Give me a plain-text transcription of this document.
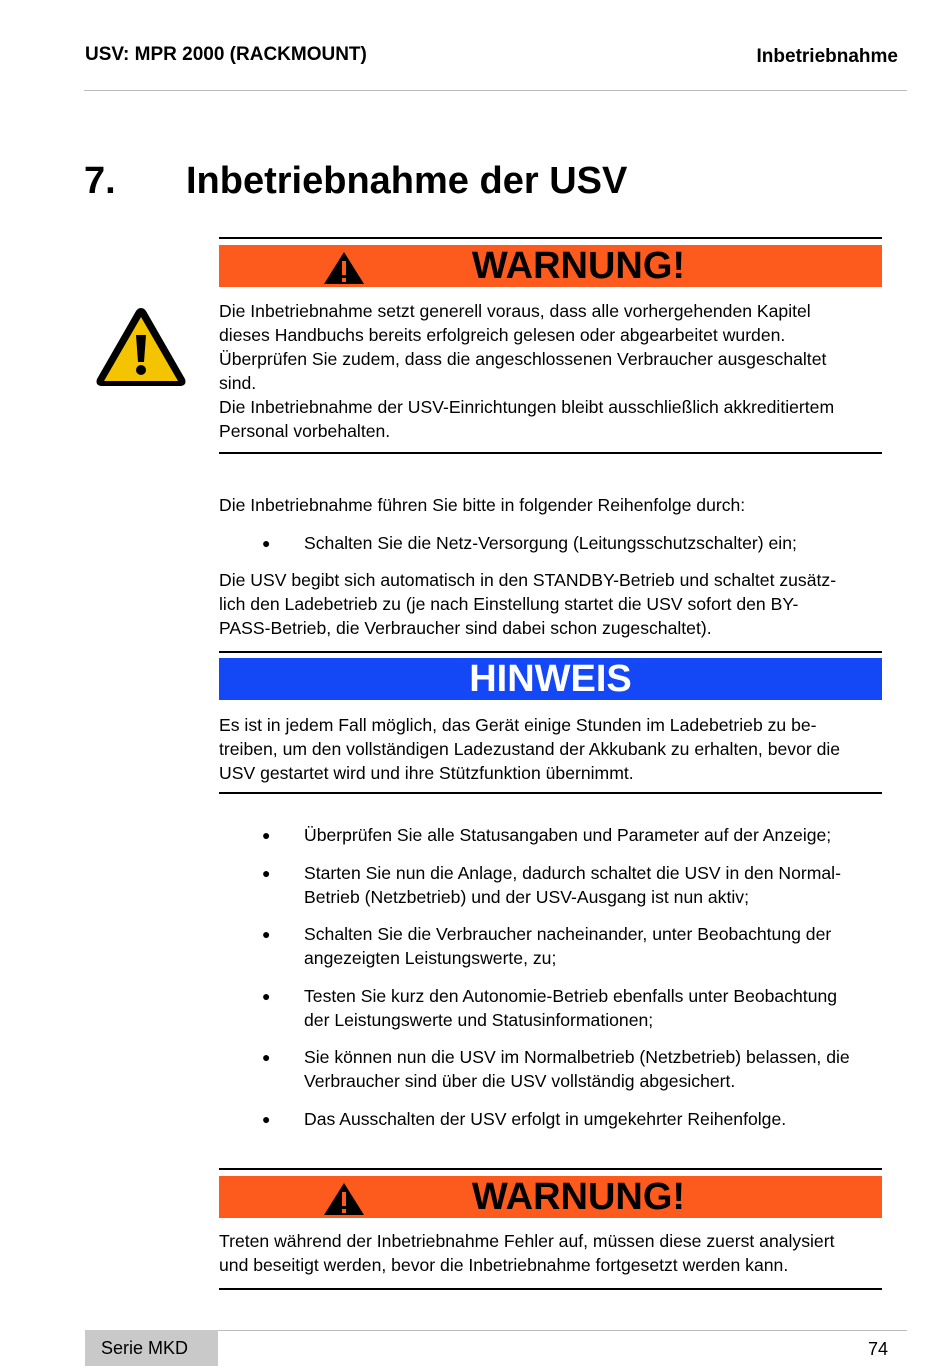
USV: MPR 2000 (RACKMOUNT)	Inbetriebnahme
7. Inbetriebnahme der USV
WARNUNG!
Die Inbetriebnahme setzt generell voraus, dass alle vorhergehenden Kapitel
dieses Handbuchs bereits erfolgreich gelesen oder abgearbeitet wurden.
Überprüfen Sie zudem, dass die angeschlossenen Verbraucher ausgeschaltet
sind.
Die Inbetriebnahme der USV-Einrichtungen bleibt ausschließlich akkreditiertem
Personal vorbehalten.
Die Inbetriebnahme führen Sie bitte in folgender Reihenfolge durch:
● Schalten Sie die Netz-Versorgung (Leitungsschutzschalter) ein;
Die USV begibt sich automatisch in den STANDBY-Betrieb und schaltet zusätz-
lich den Ladebetrieb zu (je nach Einstellung startet die USV sofort den BY-
PASS-Betrieb, die Verbraucher sind dabei schon zugeschaltet).
HINWEIS
Es ist in jedem Fall möglich, das Gerät einige Stunden im Ladebetrieb zu be-
treiben, um den vollständigen Ladezustand der Akkubank zu erhalten, bevor die
USV gestartet wird und ihre Stützfunktion übernimmt.
● Überprüfen Sie alle Statusangaben und Parameter auf der Anzeige;
● Starten Sie nun die Anlage, dadurch schaltet die USV in den Normal-
Betrieb (Netzbetrieb) und der USV-Ausgang ist nun aktiv;
● Schalten Sie die Verbraucher nacheinander, unter Beobachtung der
angezeigten Leistungswerte, zu;
● Testen Sie kurz den Autonomie-Betrieb ebenfalls unter Beobachtung
der Leistungswerte und Statusinformationen;
● Sie können nun die USV im Normalbetrieb (Netzbetrieb) belassen, die
Verbraucher sind über die USV vollständig abgesichert.
● Das Ausschalten der USV erfolgt in umgekehrter Reihenfolge.
WARNUNG!
Treten während der Inbetriebnahme Fehler auf, müssen diese zuerst analysiert
und beseitigt werden, bevor die Inbetriebnahme fortgesetzt werden kann.
Serie MKD	74
